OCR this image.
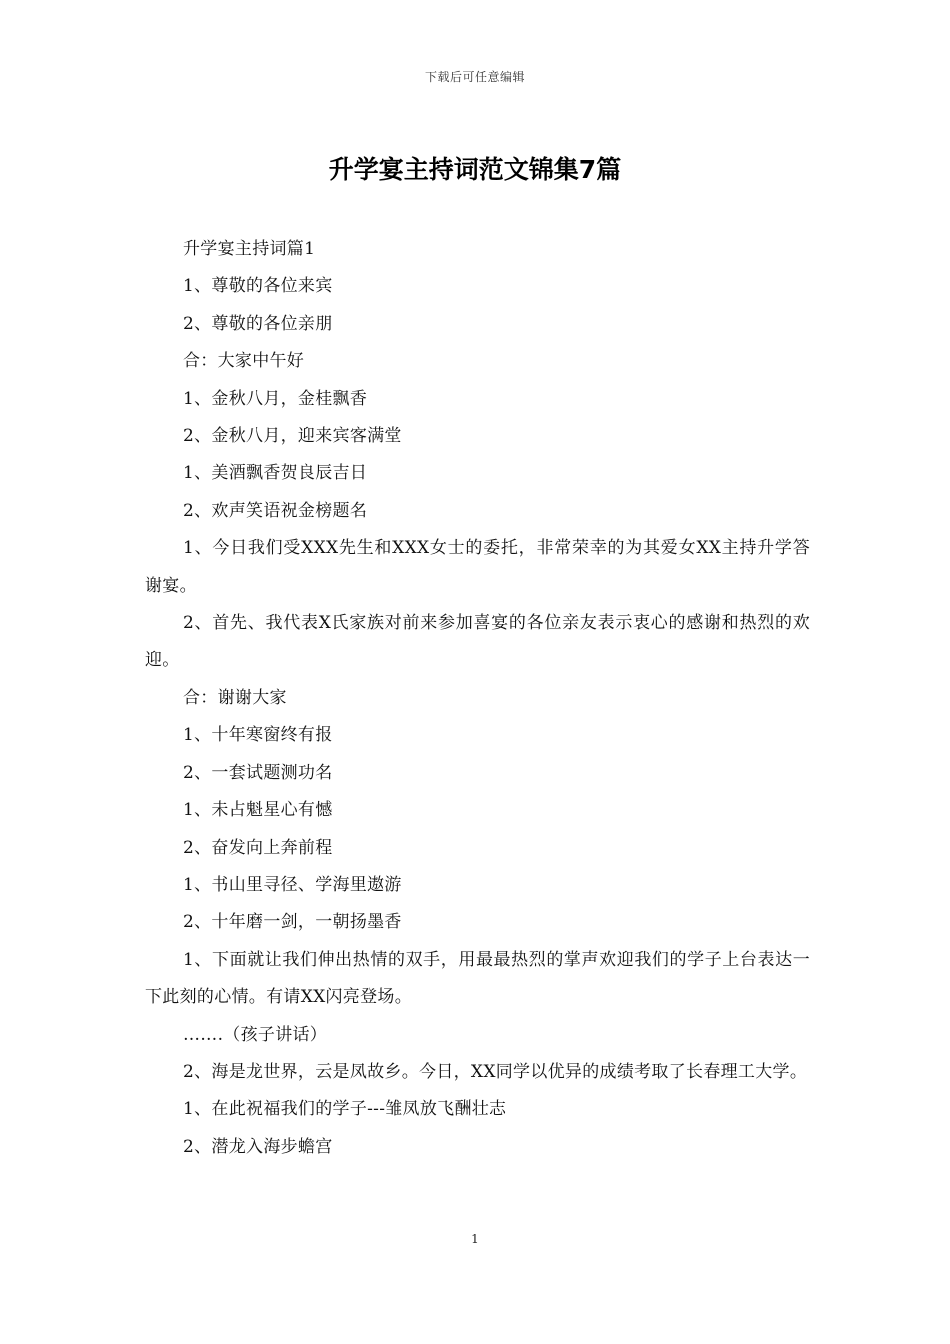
下载后可任意编辑
升学宴主持词范文锦集7篇

升学宴主持词篇1

1、尊敬的各位来宾

2、尊敬的各位亲朋

合：大家中午好

1、金秋八月，金桂飘香

2、金秋八月，迎来宾客满堂

1、美酒飘香贺良辰吉日

2、欢声笑语祝金榜题名

1、今日我们受XXX先生和XXX女士的委托，非常荣幸的为其爱女XX主持升学答谢宴。

2、首先、我代表X氏家族对前来参加喜宴的各位亲友表示衷心的感谢和热烈的欢迎。

合：谢谢大家

1、十年寒窗终有报

2、一套试题测功名

1、未占魁星心有憾

2、奋发向上奔前程

1、书山里寻径、学海里遨游

2、十年磨一剑，一朝扬墨香

1、下面就让我们伸出热情的双手，用最最热烈的掌声欢迎我们的学子上台表达一下此刻的心情。有请XX闪亮登场。

…….（孩子讲话）

2、海是龙世界，云是凤故乡。今日，XX同学以优异的成绩考取了长春理工大学。

1、在此祝福我们的学子---雏凤放飞酬壮志

2、潜龙入海步蟾宫

1
